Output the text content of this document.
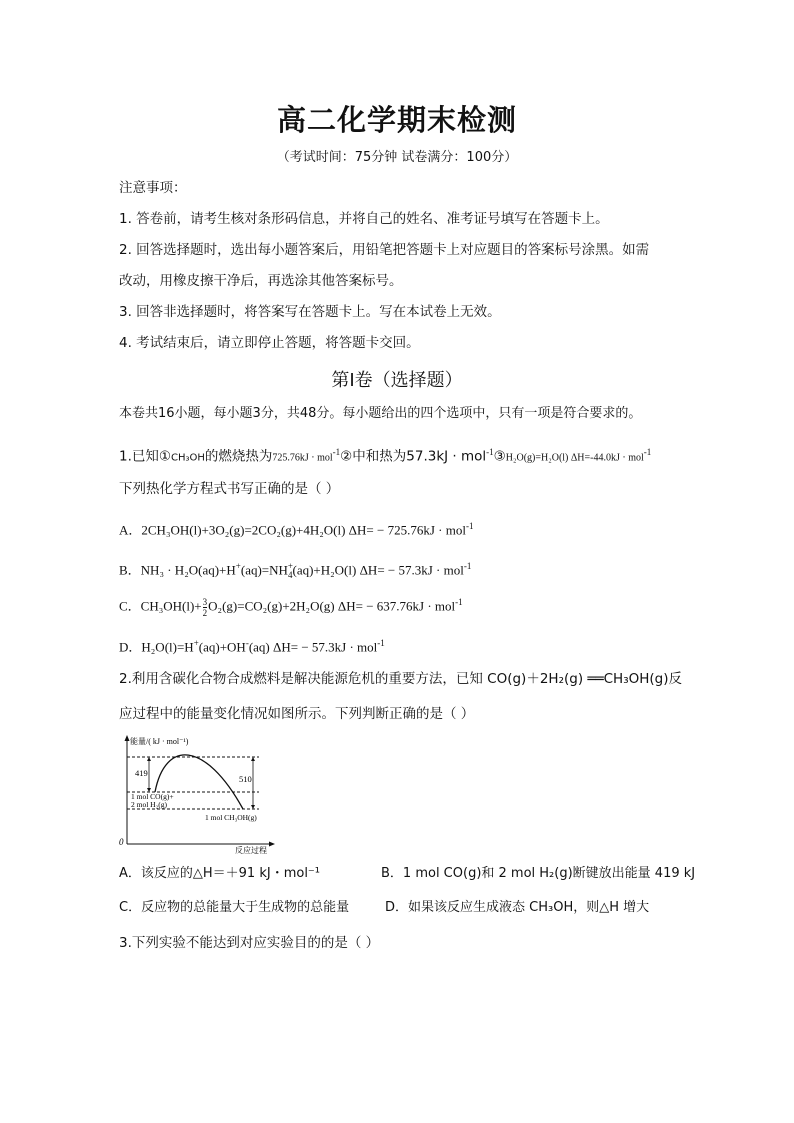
高二化学期末检测
（考试时间：75分钟 试卷满分：100分）
注意事项：
1. 答卷前，请考生核对条形码信息，并将自己的姓名、准考证号填写在答题卡上。
2. 回答选择题时，选出每小题答案后，用铅笔把答题卡上对应题目的答案标号涂黑。如需
改动，用橡皮擦干净后，再选涂其他答案标号。
3. 回答非选择题时，将答案写在答题卡上。写在本试卷上无效。
4. 考试结束后，请立即停止答题，将答题卡交回。
第Ⅰ卷（选择题）
本卷共16小题，每小题3分，共48分。每小题给出的四个选项中，只有一项是符合要求的。
1.已知①CH₃OH的燃烧热为725.76kJ · mol$^{-1}$②中和热为57.3kJ · mol$^{-1}$③H₂O(g)=H₂O(l) ΔH=-44.0kJ · mol$^{-1}$
下列热化学方程式书写正确的是（ ）
A．2CH₃OH(l)+3O₂(g)=2CO₂(g)+4H₂O(l) ΔH= − 725.76kJ · mol$^{-1}$
B．$NH_3 \cdot H_2O(aq)+H^+(aq)=NH^+_4(aq)+H_2O(l) \Delta H= - 57.3kJ \cdot mol^{-1}$
C．$CH_3OH(l)+ \frac{3}{2} O_2(g)=CO_2(g)+2H_2O(g) \Delta H= - 637.76kJ \cdot mol^{-1}$
D．H₂O(l)=H+(aq)+OH-(aq) ΔH= − 57.3kJ · mol$^{-1}$
2.利用含碳化合物合成燃料是解决能源危机的重要方法，已知 CO(g)＋2H₂(g) ══CH₃OH(g)反
应过程中的能量变化情况如图所示。下列判断正确的是（ ）
能量/( kJ · mol⁻¹)
419
510
1 mol CO(g)+
2 mol H₂(g)
1 mol CH₃OH(g)
0
反应过程
A．该反应的△H＝＋91 kJ・mol⁻¹	B．1 mol CO(g)和 2 mol H₂(g)断键放出能量 419 kJ
C．反应物的总能量大于生成物的总能量	D．如果该反应生成液态 CH₃OH，则△H 增大
3.下列实验不能达到对应实验目的的是（ ）
